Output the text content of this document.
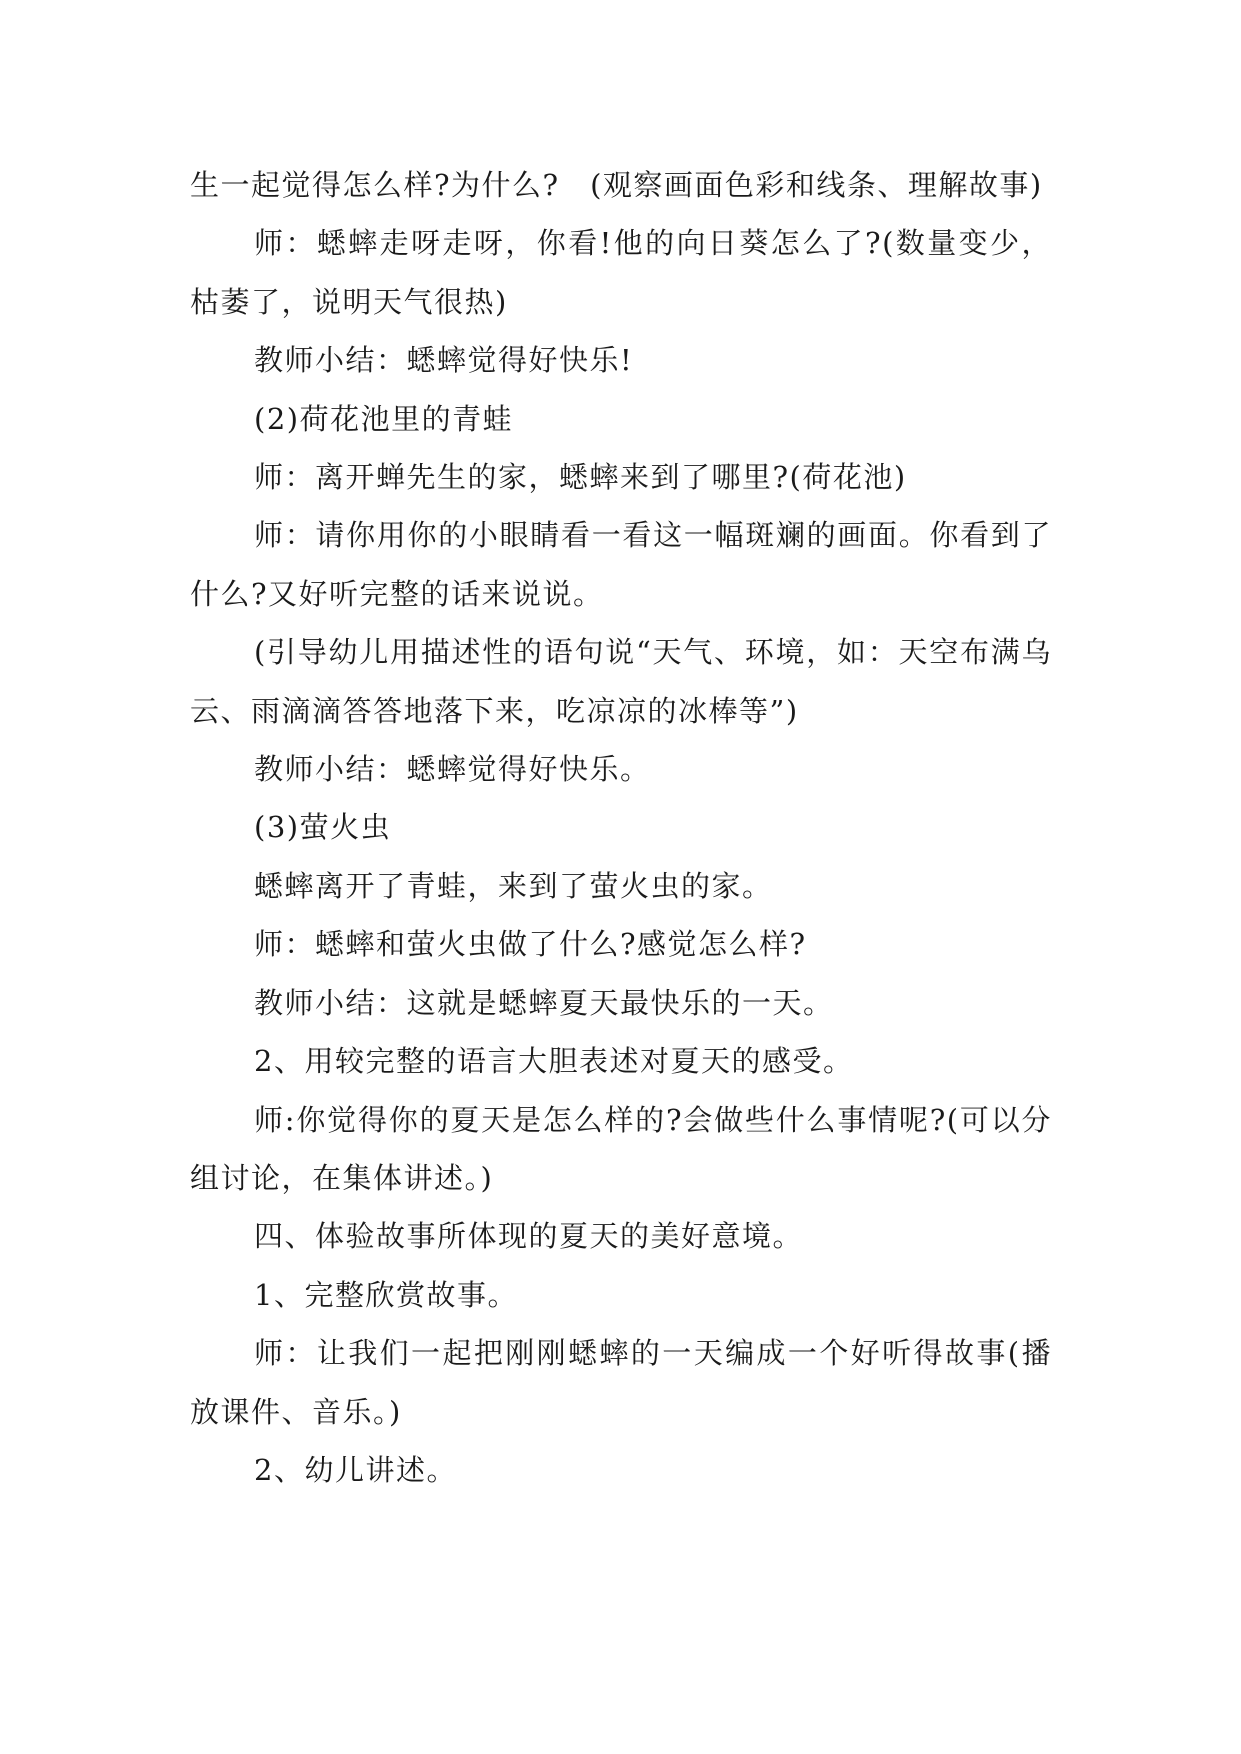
生一起觉得怎么样?为什么?　(观察画面色彩和线条、理解故事)

师：蟋蟀走呀走呀，你看!他的向日葵怎么了?(数量变少，枯萎了，说明天气很热)

教师小结：蟋蟀觉得好快乐!

(2)荷花池里的青蛙

师：离开蝉先生的家，蟋蟀来到了哪里?(荷花池)

师：请你用你的小眼睛看一看这一幅斑斓的画面。你看到了什么?又好听完整的话来说说。

(引导幼儿用描述性的语句说“天气、环境，如：天空布满乌云、雨滴滴答答地落下来，吃凉凉的冰棒等”)

教师小结：蟋蟀觉得好快乐。

(3)萤火虫

蟋蟀离开了青蛙，来到了萤火虫的家。

师：蟋蟀和萤火虫做了什么?感觉怎么样?

教师小结：这就是蟋蟀夏天最快乐的一天。

2、用较完整的语言大胆表述对夏天的感受。

师:你觉得你的夏天是怎么样的?会做些什么事情呢?(可以分组讨论，在集体讲述。)

四、体验故事所体现的夏天的美好意境。

1、完整欣赏故事。

师：让我们一起把刚刚蟋蟀的一天编成一个好听得故事(播放课件、音乐。)

2、幼儿讲述。
